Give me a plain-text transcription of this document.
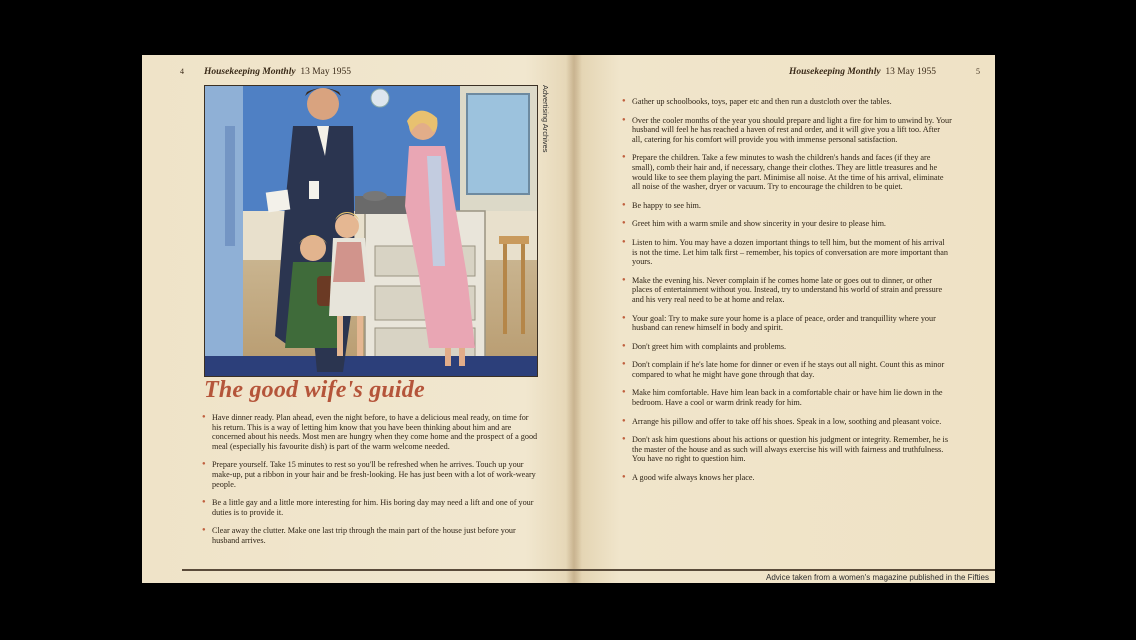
4 Housekeeping Monthly 13 May 1955
Advertising Archives
The good wife's guide
● Have dinner ready. Plan ahead, even the night before, to have a delicious meal ready, on time for his return. This is a way of letting him know that you have been thinking about him and are concerned about his needs. Most men are hungry when they come home and the prospect of a good meal (especially his favourite dish) is part of the warm welcome needed.
● Prepare yourself. Take 15 minutes to rest so you'll be refreshed when he arrives. Touch up your make-up, put a ribbon in your hair and be fresh-looking. He has just been with a lot of work-weary people.
● Be a little gay and a little more interesting for him. His boring day may need a lift and one of your duties is to provide it.
● Clear away the clutter. Make one last trip through the main part of the house just before your husband arrives.
Housekeeping Monthly 13 May 1955	5
● Gather up schoolbooks, toys, paper etc and then run a dustcloth over the tables.
● Over the cooler months of the year you should prepare and light a fire for him to unwind by. Your husband will feel he has reached a haven of rest and order, and it will give you a lift too. After all, catering for his comfort will provide you with immense personal satisfaction.
● Prepare the children. Take a few minutes to wash the children's hands and faces (if they are small), comb their hair and, if necessary, change their clothes. They are little treasures and he would like to see them playing the part. Minimise all noise. At the time of his arrival, eliminate all noise of the washer, dryer or vacuum. Try to encourage the children to be quiet.
● Be happy to see him.
● Greet him with a warm smile and show sincerity in your desire to please him.
● Listen to him. You may have a dozen important things to tell him, but the moment of his arrival is not the time. Let him talk first – remember, his topics of conversation are more important than yours.
● Make the evening his. Never complain if he comes home late or goes out to dinner, or other places of entertainment without you. Instead, try to understand his world of strain and pressure and his very real need to be at home and relax.
● Your goal: Try to make sure your home is a place of peace, order and tranquillity where your husband can renew himself in body and spirit.
● Don't greet him with complaints and problems.
● Don't complain if he's late home for dinner or even if he stays out all night. Count this as minor compared to what he might have gone through that day.
● Make him comfortable. Have him lean back in a comfortable chair or have him lie down in the bedroom. Have a cool or warm drink ready for him.
● Arrange his pillow and offer to take off his shoes. Speak in a low, soothing and pleasant voice.
● Don't ask him questions about his actions or question his judgment or integrity. Remember, he is the master of the house and as such will always exercise his will with fairness and truthfulness. You have no right to question him.
● A good wife always knows her place.
Advice taken from a women's magazine published in the Fifties
